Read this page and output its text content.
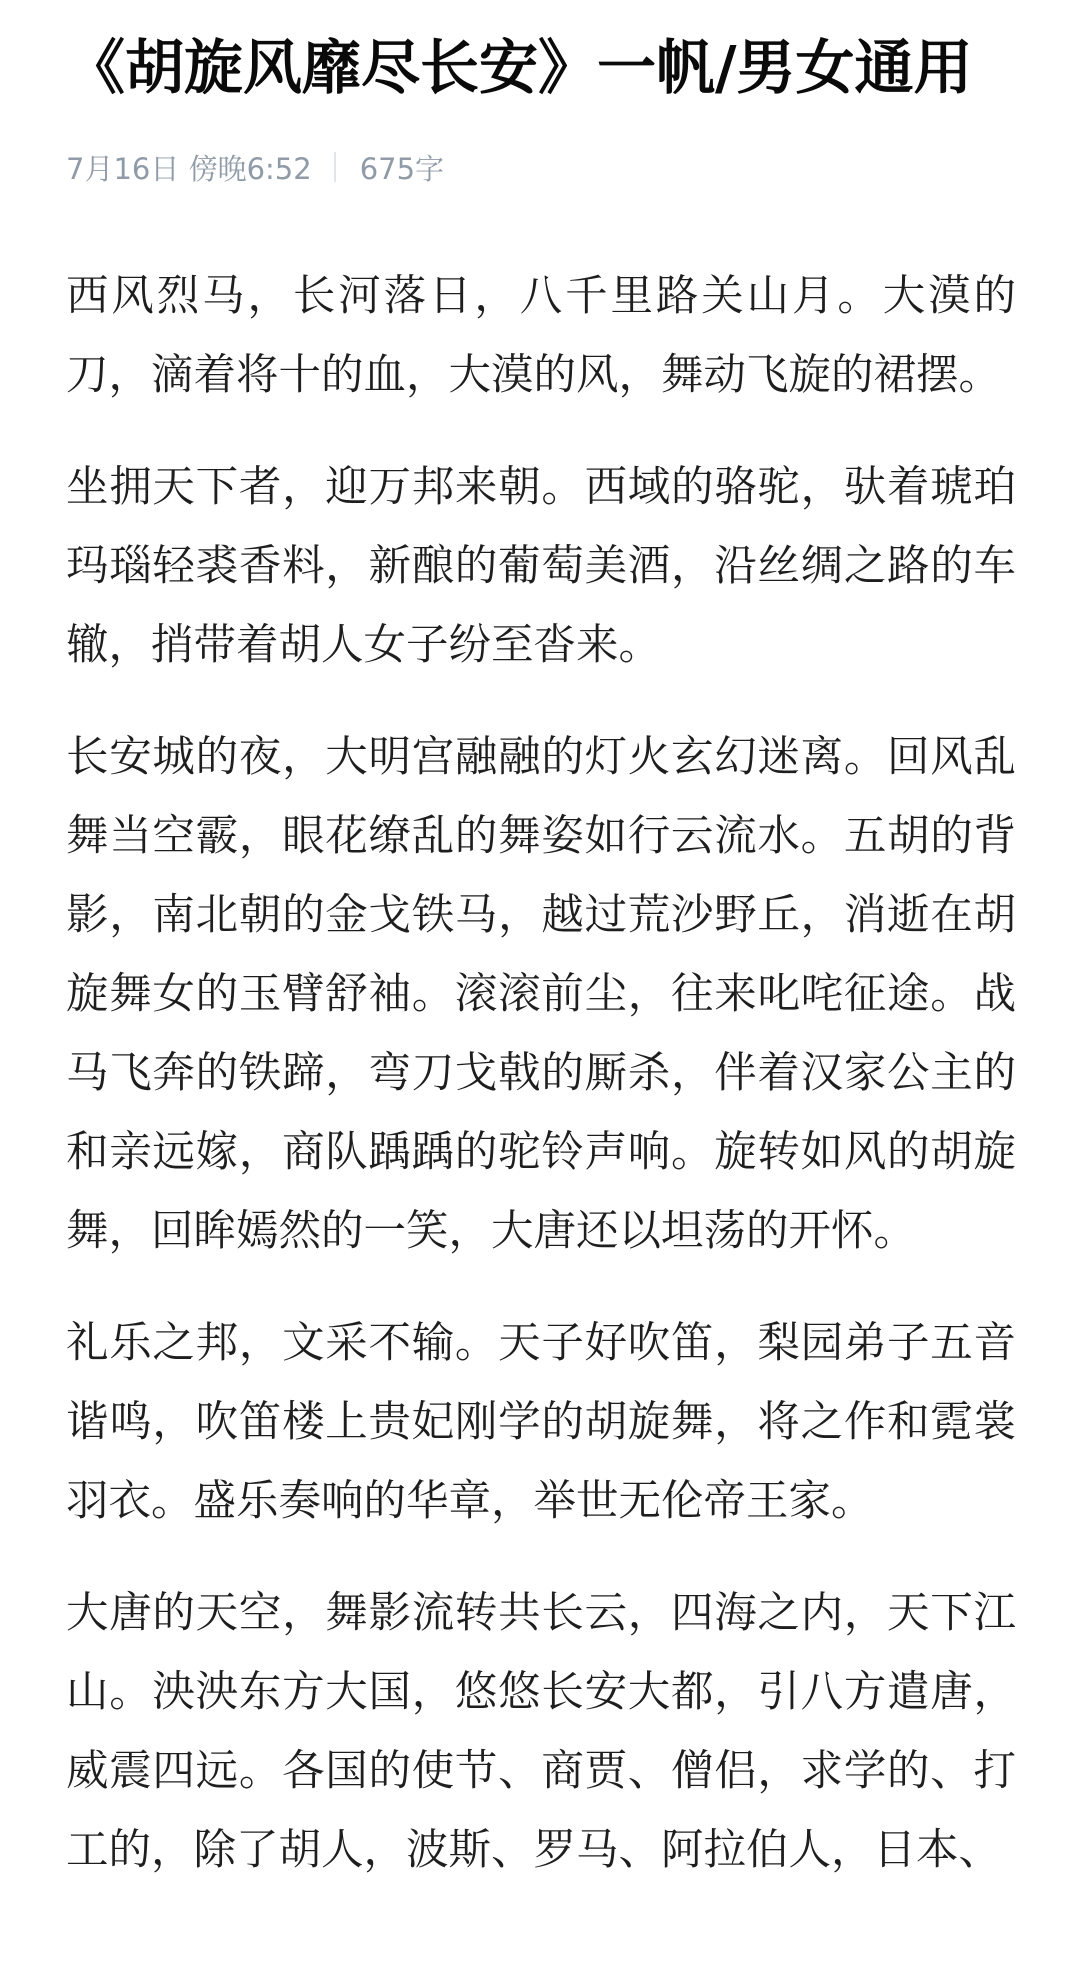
《胡旋风靡尽长安》一帆/男女通用
7月16日 傍晚6:52 675字

西风烈马，长河落日，八千里路关山月。大漠的刀，滴着将十的血，大漠的风，舞动飞旋的裙摆。

坐拥天下者，迎万邦来朝。西域的骆驼，驮着琥珀玛瑙轻裘香料，新酿的葡萄美酒，沿丝绸之路的车辙，捎带着胡人女子纷至沓来。

长安城的夜，大明宫融融的灯火玄幻迷离。回风乱舞当空霰，眼花缭乱的舞姿如行云流水。五胡的背影，南北朝的金戈铁马，越过荒沙野丘，消逝在胡旋舞女的玉臂舒袖。滚滚前尘，往来叱咤征途。战马飞奔的铁蹄，弯刀戈戟的厮杀，伴着汉家公主的和亲远嫁，商队踽踽的驼铃声响。旋转如风的胡旋舞，回眸嫣然的一笑，大唐还以坦荡的开怀。

礼乐之邦，文采不输。天子好吹笛，梨园弟子五音谐鸣，吹笛楼上贵妃刚学的胡旋舞，将之作和霓裳羽衣。盛乐奏响的华章，举世无伦帝王家。

大唐的天空，舞影流转共长云，四海之内，天下江山。泱泱东方大国，悠悠长安大都，引八方遣唐，威震四远。各国的使节、商贾、僧侣，求学的、打工的，除了胡人，波斯、罗马、阿拉伯人，日本、
